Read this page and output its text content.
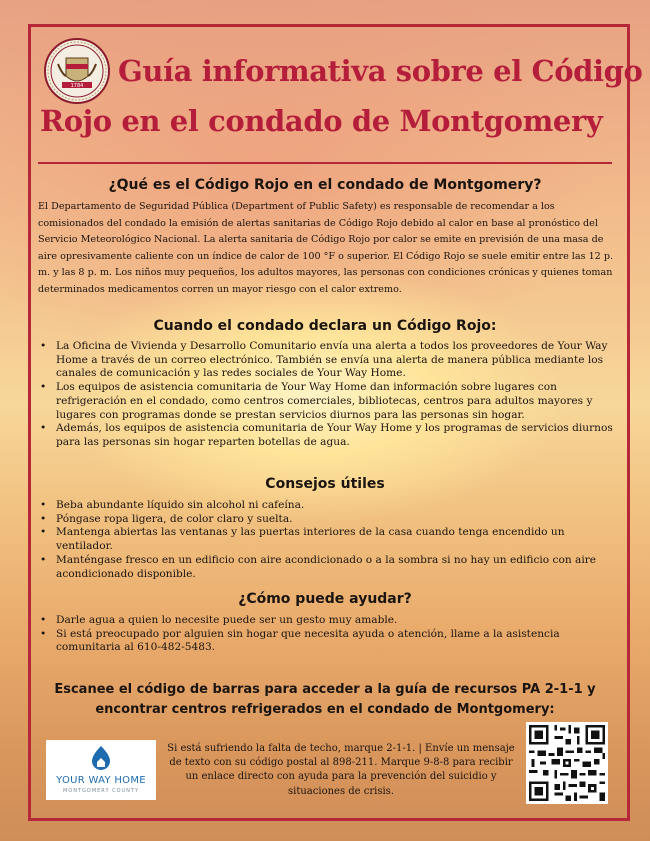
1784 Guía informativa sobre el Código
Rojo en el condado de Montgomery
¿Qué es el Código Rojo en el condado de Montgomery?

El Departamento de Seguridad Pública (Department of Public Safety) es responsable de recomendar a los comisionados del condado la emisión de alertas sanitarias de Código Rojo debido al calor en base al pronóstico del Servicio Meteorológico Nacional. La alerta sanitaria de Código Rojo por calor se emite en previsión de una masa de aire opresivamente caliente con un índice de calor de 100 °F o superior. El Código Rojo se suele emitir entre las 12 p. m. y las 8 p. m. Los niños muy pequeños, los adultos mayores, las personas con condiciones crónicas y quienes toman determinados medicamentos corren un mayor riesgo con el calor extremo.

Cuando el condado declara un Código Rojo:
• La Oficina de Vivienda y Desarrollo Comunitario envía una alerta a todos los proveedores de Your Way Home a través de un correo electrónico. También se envía una alerta de manera pública mediante los canales de comunicación y las redes sociales de Your Way Home.
• Los equipos de asistencia comunitaria de Your Way Home dan información sobre lugares con refrigeración en el condado, como centros comerciales, bibliotecas, centros para adultos mayores y lugares con programas donde se prestan servicios diurnos para las personas sin hogar.
• Además, los equipos de asistencia comunitaria de Your Way Home y los programas de servicios diurnos para las personas sin hogar reparten botellas de agua.
Consejos útiles
• Beba abundante líquido sin alcohol ni cafeína.
• Póngase ropa ligera, de color claro y suelta.
• Mantenga abiertas las ventanas y las puertas interiores de la casa cuando tenga encendido un ventilador.
• Manténgase fresco en un edificio con aire acondicionado o a la sombra si no hay un edificio con aire acondicionado disponible.
¿Cómo puede ayudar?
• Darle agua a quien lo necesite puede ser un gesto muy amable.
• Si está preocupado por alguien sin hogar que necesita ayuda o atención, llame a la asistencia comunitaria al 610-482-5483.

Escanee el código de barras para acceder a la guía de recursos PA 2-1-1 y
encontrar centros refrigerados en el condado de Montgomery:

YOUR WAY HOME

MONTGOMERY COUNTY

Si está sufriendo la falta de techo, marque 2-1-1. | Envíe un mensaje de texto con su código postal al 898-211. Marque 9-8-8 para recibir un enlace directo con ayuda para la prevención del suicidio y situaciones de crisis.
